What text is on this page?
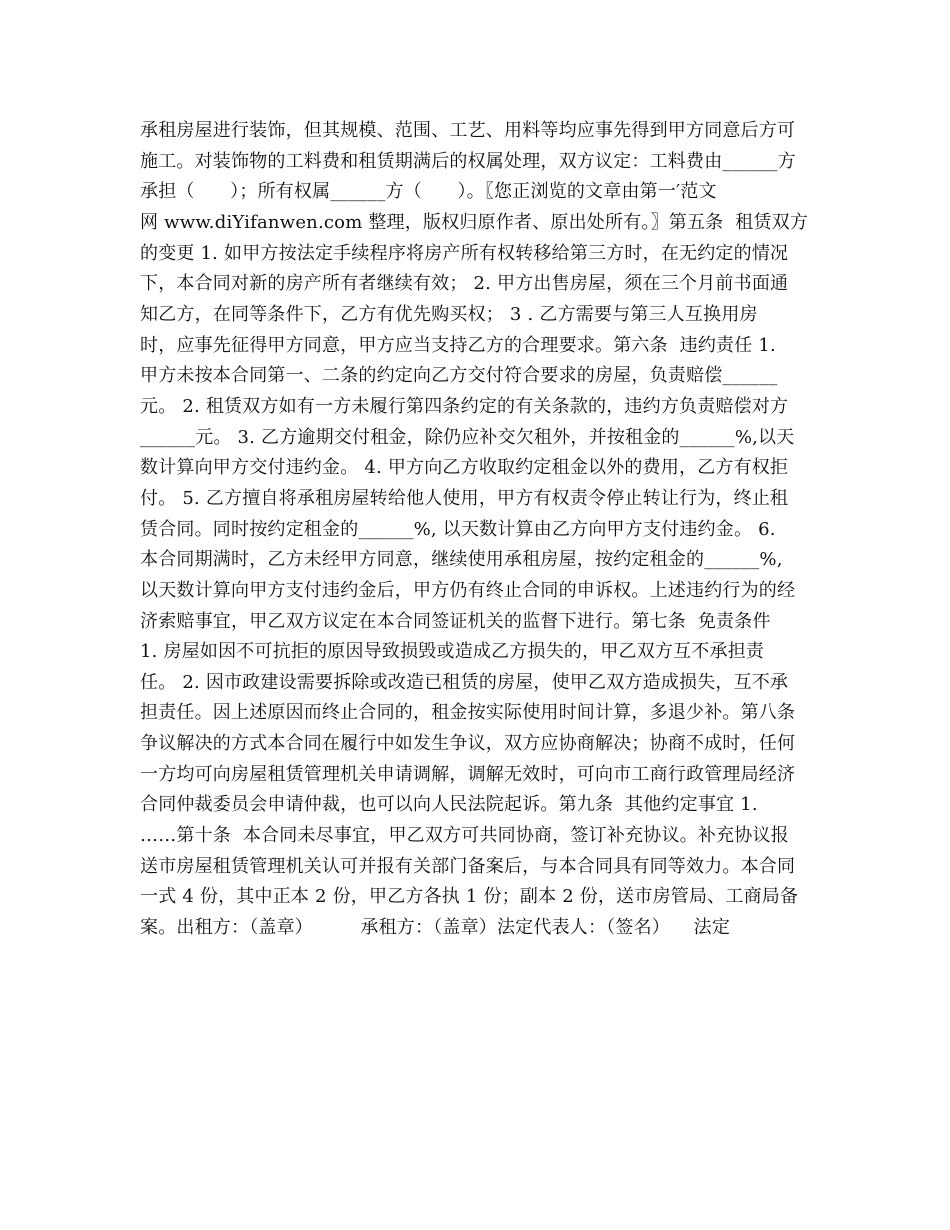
承租房屋进行装饰，但其规模、范围、工艺、用料等均应事先得到甲方同意后方可
施工。对装饰物的工料费和租赁期满后的权属处理，双方议定：工料费由______方
承担（      ）；所有权属______方（      ）。〖您正浏览的文章由第一′范文
网 www.diYifanwen.com 整理，版权归原作者、原出处所有。〗第五条  租赁双方
的变更 1. 如甲方按法定手续程序将房产所有权转移给第三方时，在无约定的情况
下，本合同对新的房产所有者继续有效； 2. 甲方出售房屋，须在三个月前书面通
知乙方，在同等条件下，乙方有优先购买权； 3 . 乙方需要与第三人互换用房
时，应事先征得甲方同意，甲方应当支持乙方的合理要求。第六条  违约责任 1.
甲方未按本合同第一、二条的约定向乙方交付符合要求的房屋，负责赔偿______
元。 2. 租赁双方如有一方未履行第四条约定的有关条款的，违约方负责赔偿对方
______元。 3. 乙方逾期交付租金，除仍应补交欠租外，并按租金的______%,以天
数计算向甲方交付违约金。 4. 甲方向乙方收取约定租金以外的费用，乙方有权拒
付。 5. 乙方擅自将承租房屋转给他人使用，甲方有权责令停止转让行为，终止租
赁合同。同时按约定租金的______%, 以天数计算由乙方向甲方支付违约金。 6.
本合同期满时，乙方未经甲方同意，继续使用承租房屋，按约定租金的______%,
以天数计算向甲方支付违约金后，甲方仍有终止合同的申诉权。上述违约行为的经
济索赔事宜，甲乙双方议定在本合同签证机关的监督下进行。第七条  免责条件
1. 房屋如因不可抗拒的原因导致损毁或造成乙方损失的，甲乙双方互不承担责
任。 2. 因市政建设需要拆除或改造已租赁的房屋，使甲乙双方造成损失，互不承
担责任。因上述原因而终止合同的，租金按实际使用时间计算，多退少补。第八条
争议解决的方式本合同在履行中如发生争议，双方应协商解决；协商不成时，任何
一方均可向房屋租赁管理机关申请调解，调解无效时，可向市工商行政管理局经济
合同仲裁委员会申请仲裁，也可以向人民法院起诉。第九条  其他约定事宜 1.
……第十条  本合同未尽事宜，甲乙双方可共同协商，签订补充协议。补充协议报
送市房屋租赁管理机关认可并报有关部门备案后，与本合同具有同等效力。本合同
一式 4 份，其中正本 2 份，甲乙方各执 1 份；副本 2 份，送市房管局、工商局备
案。出租方：（盖章）        承租方：（盖章）法定代表人：（签名）    法定
